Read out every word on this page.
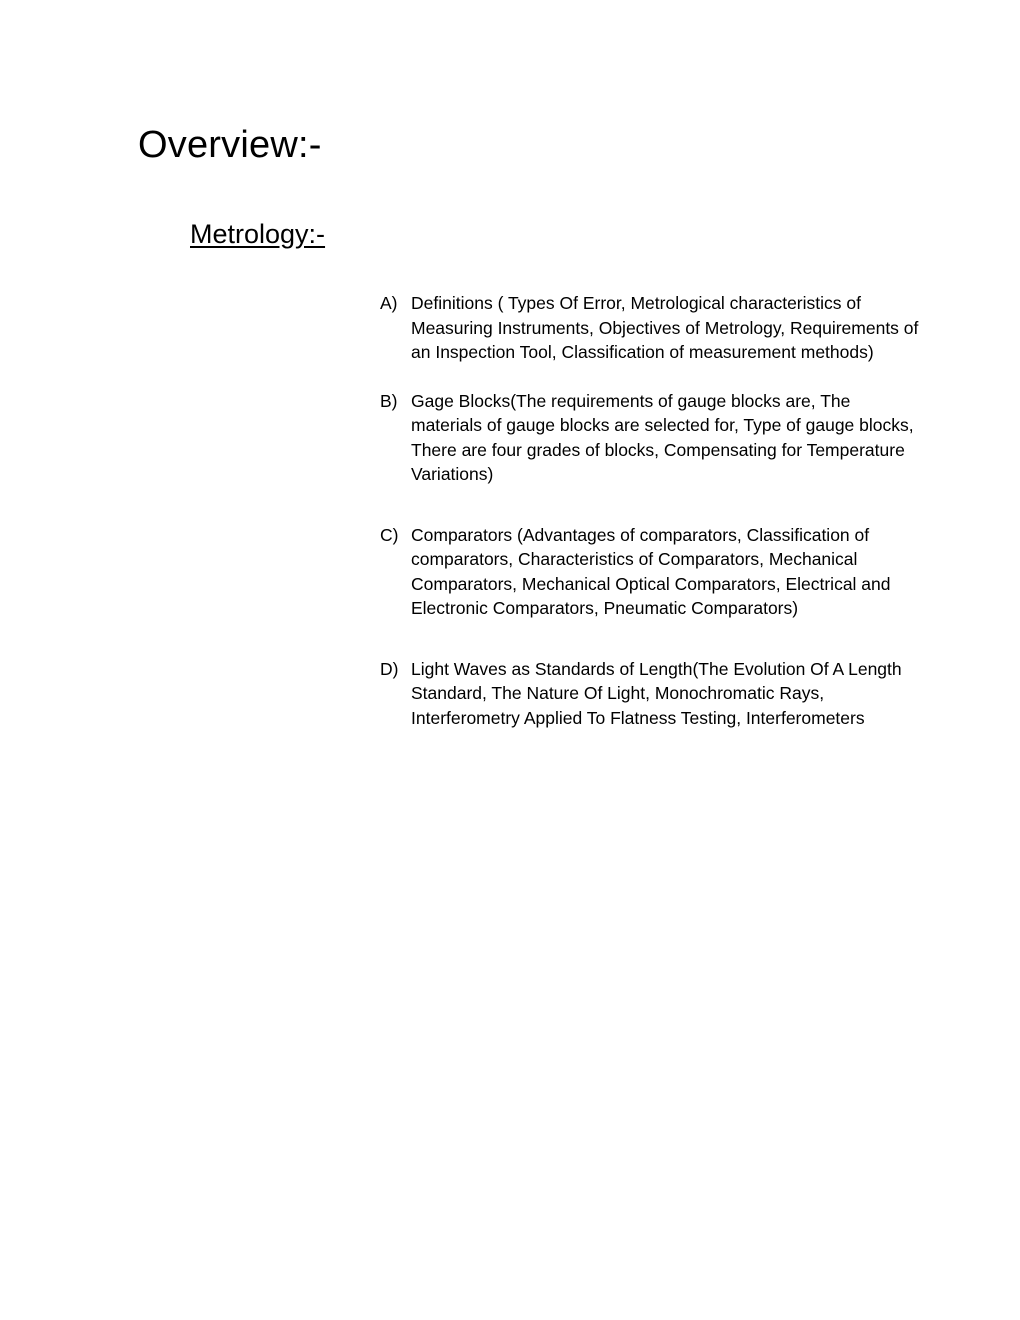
Overview:-
Metrology:-
A) Definitions ( Types Of Error, Metrological characteristics of Measuring Instruments, Objectives of Metrology, Requirements of an Inspection Tool, Classification of measurement methods)
B) Gage Blocks(The requirements of gauge blocks are, The materials of gauge blocks are selected for, Type of gauge blocks, There are four grades of blocks, Compensating for Temperature Variations)
C) Comparators (Advantages of comparators, Classification of comparators, Characteristics of Comparators, Mechanical Comparators, Mechanical Optical Comparators, Electrical and Electronic Comparators, Pneumatic Comparators)
D) Light Waves as Standards of Length(The Evolution Of A Length Standard, The Nature Of Light, Monochromatic Rays, Interferometry Applied To Flatness Testing, Interferometers
